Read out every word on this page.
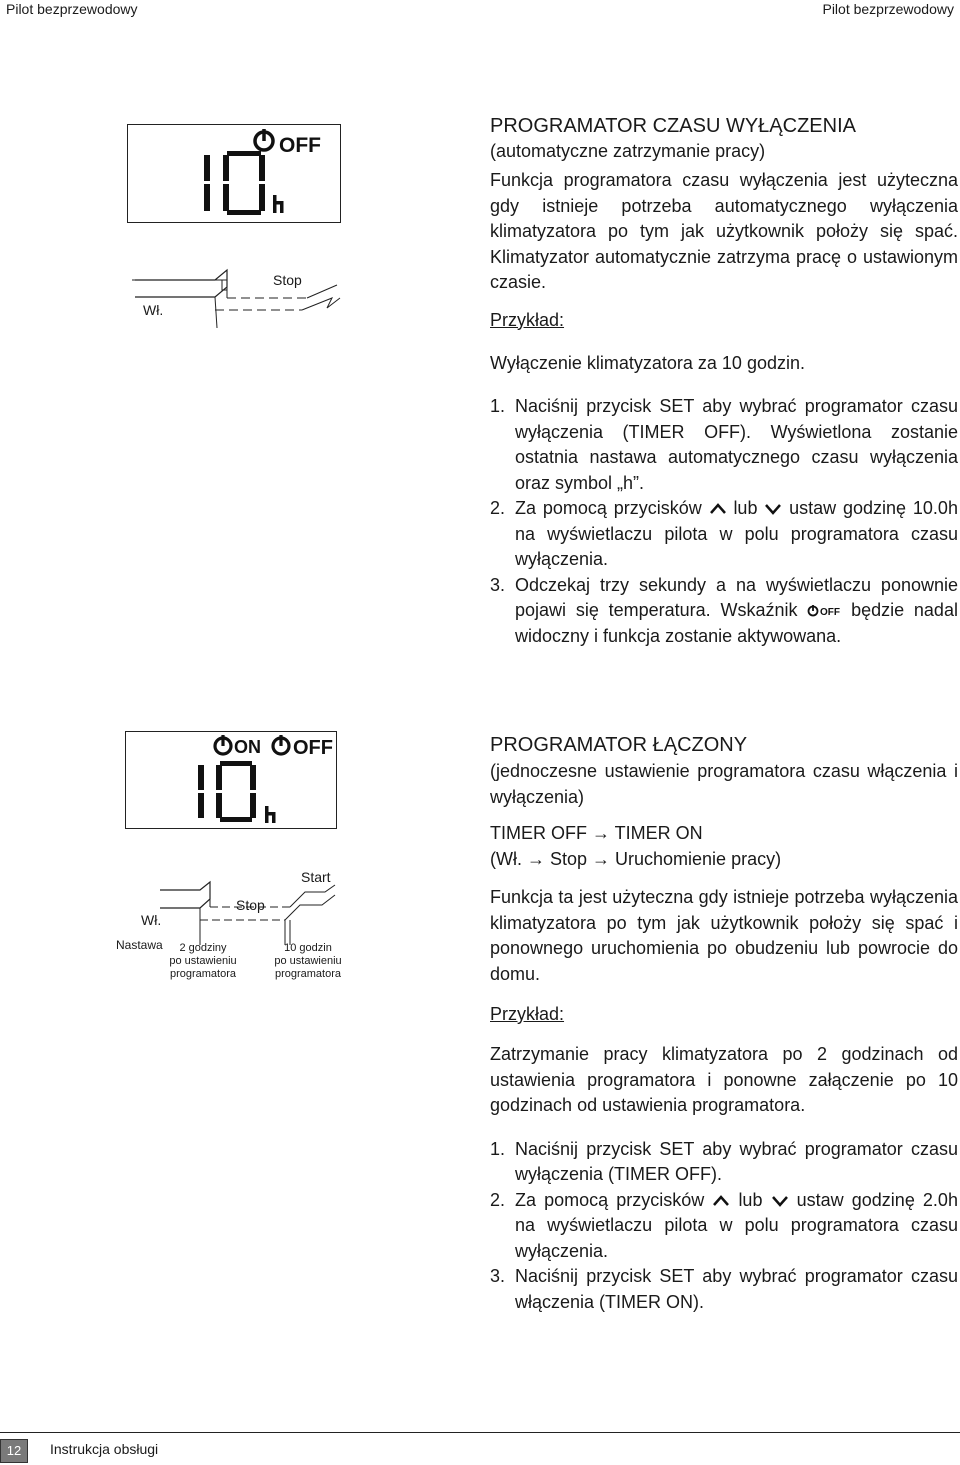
Pilot bezprzewodowy	Pilot bezprzewodowy
OFF
Wł.
Stop
PROGRAMATOR CZASU WYŁĄCZENIA
(automatyczne zatrzymanie pracy)
Funkcja programatora czasu wyłączenia jest użyteczna gdy istnieje potrzeba automatycznego wyłączenia klimatyzatora po tym jak użytkownik położy się spać. Klimatyzator automatycznie zatrzyma pracę o ustawionym czasie.
Przykład:
Wyłączenie klimatyzatora za 10 godzin.
1. Naciśnij przycisk SET aby wybrać programator czasu wyłączenia (TIMER OFF). Wyświetlona zostanie ostatnia nastawa automatycznego czasu wyłączenia oraz symbol „h”.
2. Za pomocą przycisków lub ustaw godzinę 10.0h na wyświetlaczu pilota w polu programatora czasu wyłączenia.
3. Odczekaj trzy sekundy a na wyświetlaczu ponownie pojawi się temperatura. Wskaźnik OFF będzie nadal widoczny i funkcja zostanie aktywowana.
ON OFF
Start
Stop
Wł.
Nastawa	2 godziny
po ustawieniu
programatora
10 godzin
po ustawieniu
programatora
PROGRAMATOR ŁĄCZONY
(jednoczesne ustawienie programatora czasu włączenia i wyłączenia)
TIMER OFF → TIMER ON
(Wł. → Stop → Uruchomienie pracy)
Funkcja ta jest użyteczna gdy istnieje potrzeba wyłączenia klimatyzatora po tym jak użytkownik położy się spać i ponownego uruchomienia po obudzeniu lub powrocie do domu.
Przykład:
Zatrzymanie pracy klimatyzatora po 2 godzinach od ustawienia programatora i ponowne załączenie po 10 godzinach od ustawienia programatora.
1. Naciśnij przycisk SET aby wybrać programator czasu wyłączenia (TIMER OFF).
2. Za pomocą przycisków lub ustaw godzinę 2.0h na wyświetlaczu pilota w polu programatora czasu wyłączenia.
3. Naciśnij przycisk SET aby wybrać programator czasu włączenia (TIMER ON).
12	Instrukcja obsługi
